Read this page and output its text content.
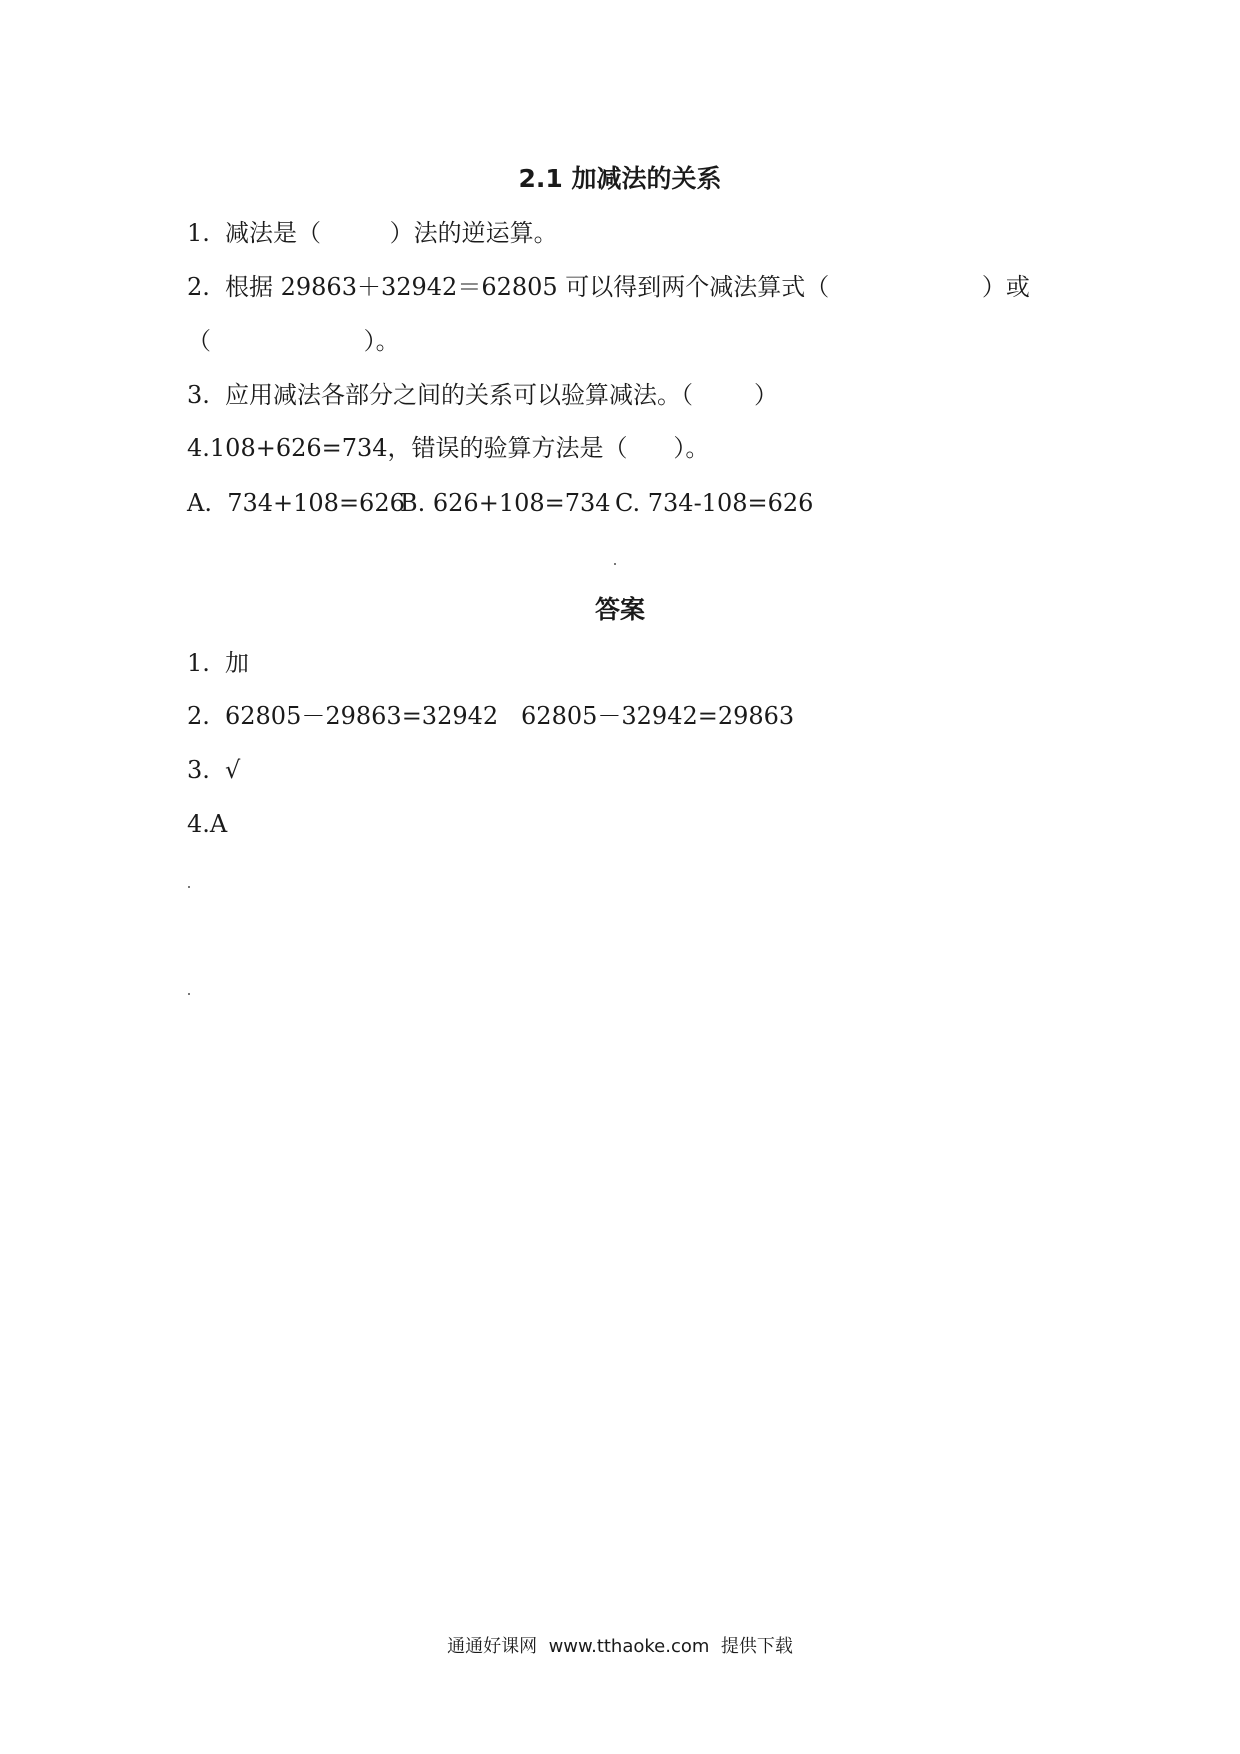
2.1 加减法的关系
1. 减法是（	）法的逆运算。
2. 根据 29863＋32942＝62805 可以得到两个减法算式（	）或
（	）。
3. 应用减法各部分之间的关系可以验算减法。（	）
4.108+626=734，错误的验算方法是（ ）。
A.  734+108=626
B. 626+108=734 C. 734-108=626
答案
1. 加
2. 62805－29863=32942   62805－32942=29863
3. √
4.A
通通好课网 www.tthaoke.com 提供下载
